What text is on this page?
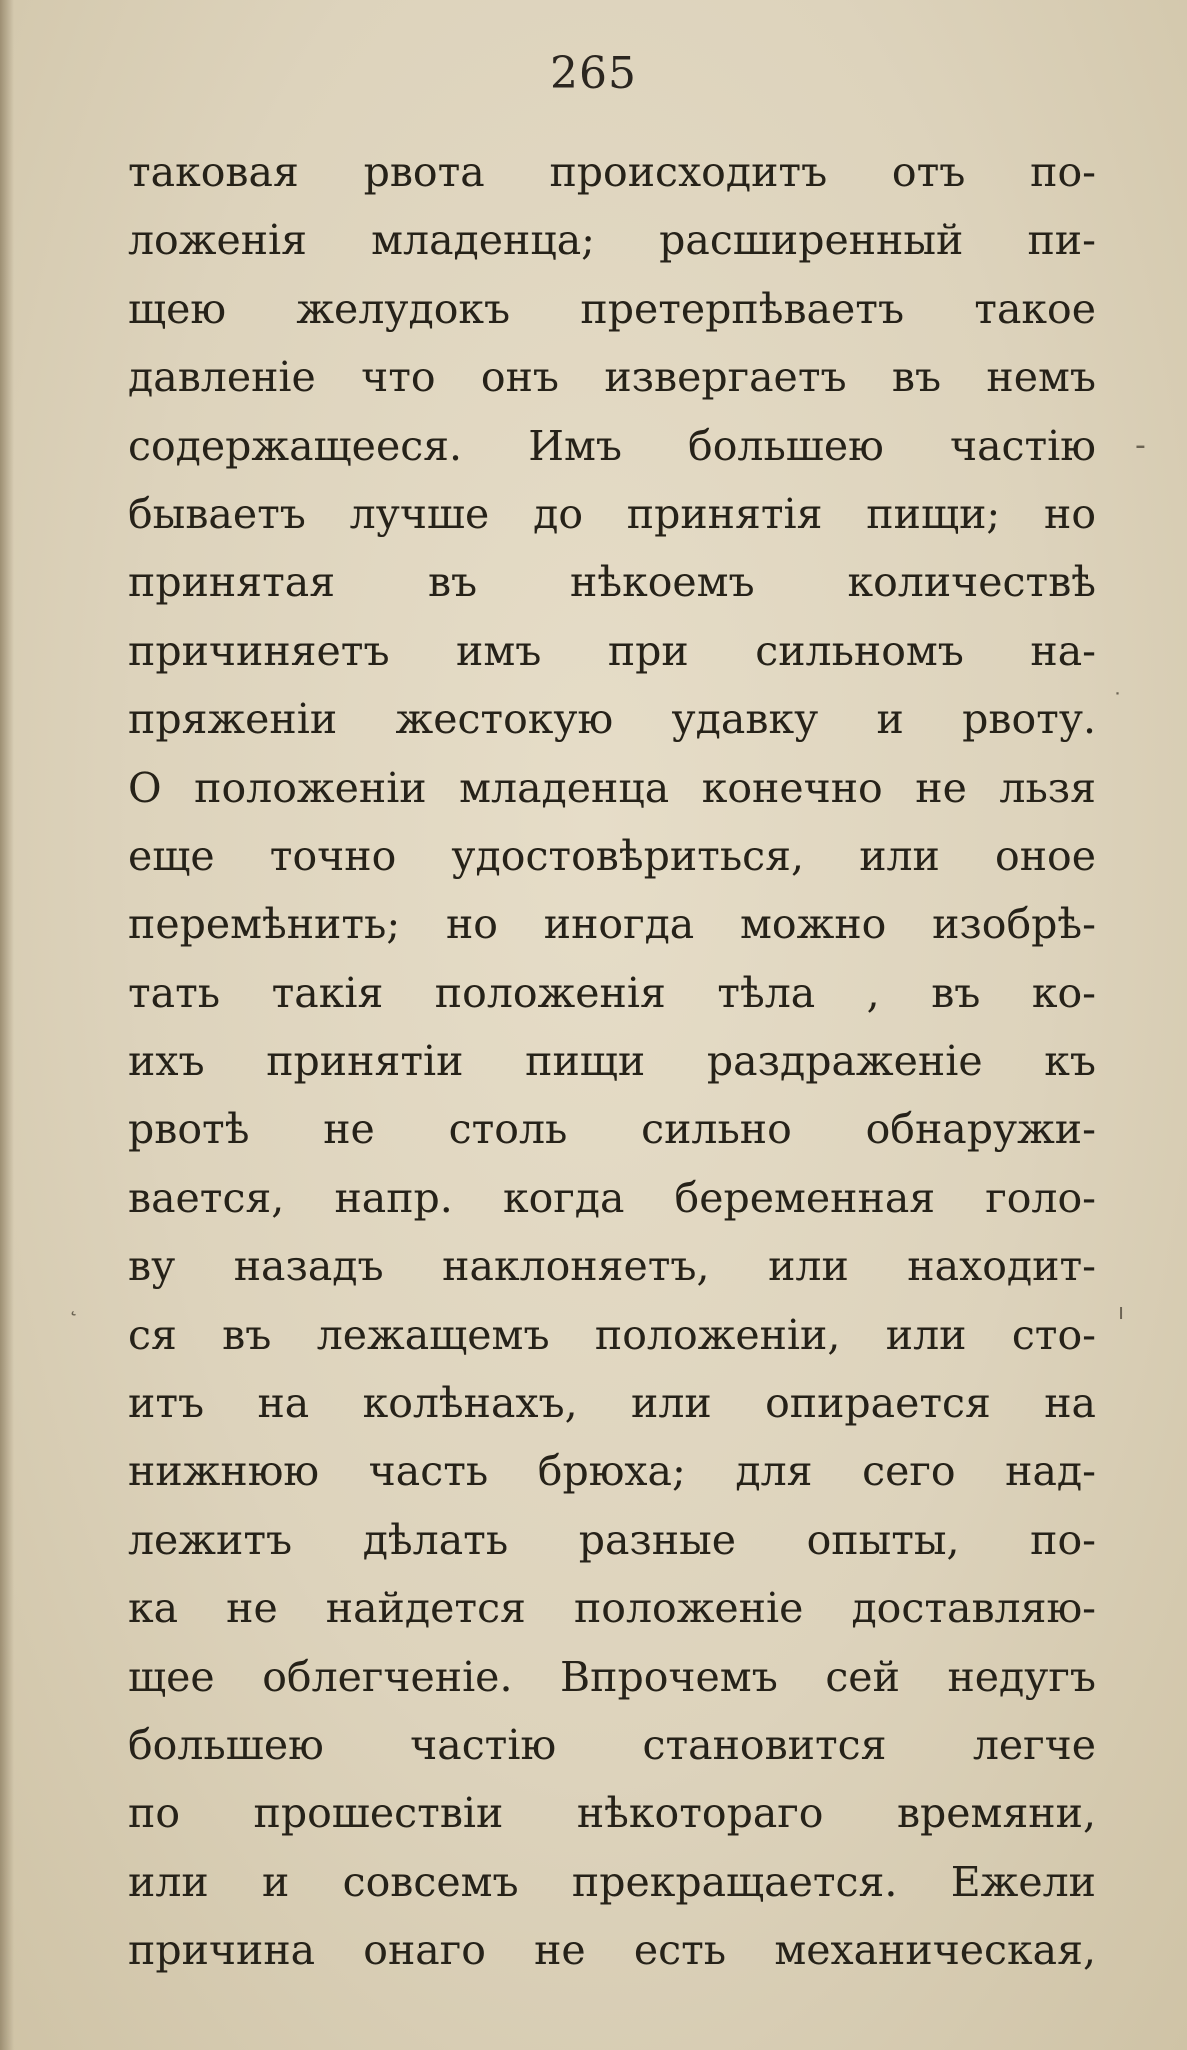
265
таковая рвота происходитъ отъ по-
ложенія младенца; расширенный пи-
щею желудокъ претерпѣваетъ такое
давленіе что онъ извергаетъ въ немъ
содержащееся. Имъ большею частію
бываетъ лучше до принятія пищи; но
принятая въ нѣкоемъ количествѣ
причиняетъ имъ при сильномъ на-
пряженіи жестокую удавку и рвоту.
О положеніи младенца конечно не льзя
еще точно удостовѣриться, или оное
перемѣнить; но иногда можно изобрѣ-
тать такія положенія тѣла , въ ко-
ихъ принятіи пищи раздраженіе къ
рвотѣ не столь сильно обнаружи-
вается, напр. когда беременная голо-
ву назадъ наклоняетъ, или находит-
ся въ лежащемъ положеніи, или сто-
итъ на колѣнахъ, или опирается на
нижнюю часть брюха; для сего над-
лежитъ дѣлать разные опыты, по-
ка не найдется положеніе доставляю-
щее облегченіе. Впрочемъ сей недугъ
большею частію становится легче
по прошествіи нѣкотораго времяни,
или и совсемъ прекращается. Ежели
причина онаго не есть механическая,
-
˙
˛	ı
